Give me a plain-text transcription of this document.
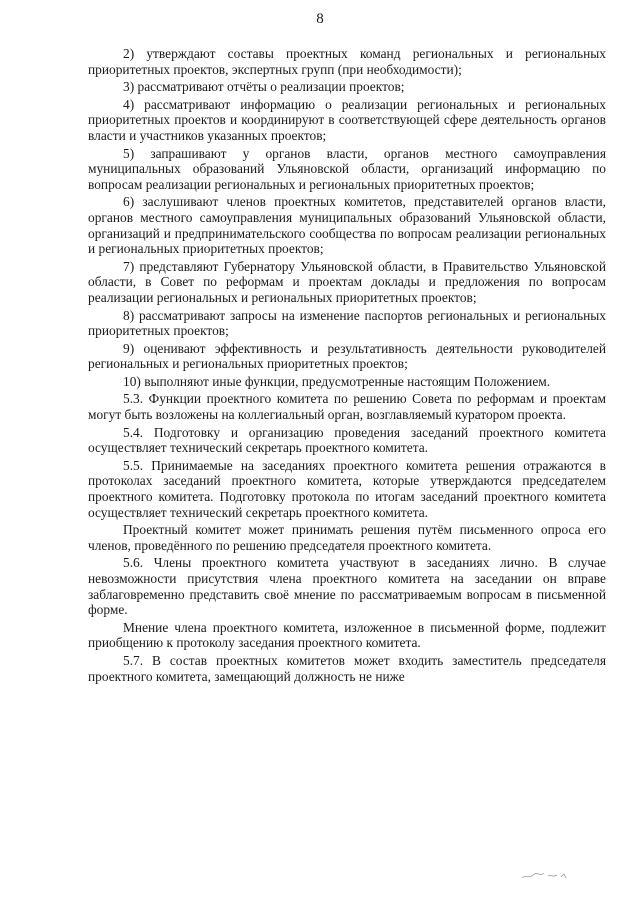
8

2) утверждают составы проектных команд региональных и региональных приоритетных проектов, экспертных групп (при необходимости);

3) рассматривают отчёты о реализации проектов;

4) рассматривают информацию о реализации региональных и региональных приоритетных проектов и координируют в соответствующей сфере деятельность органов власти и участников указанных проектов;

5) запрашивают у органов власти, органов местного самоуправления муниципальных образований Ульяновской области, организаций информацию по вопросам реализации региональных и региональных приоритетных проектов;

6) заслушивают членов проектных комитетов, представителей органов власти, органов местного самоуправления муниципальных образований Ульяновской области, организаций и предпринимательского сообщества по вопросам реализации региональных и региональных приоритетных проектов;

7) представляют Губернатору Ульяновской области, в Правительство Ульяновской области, в Совет по реформам и проектам доклады и предложения по вопросам реализации региональных и региональных приоритетных проектов;

8) рассматривают запросы на изменение паспортов региональных и региональных приоритетных проектов;

9) оценивают эффективность и результативность деятельности руководителей региональных и региональных приоритетных проектов;

10) выполняют иные функции, предусмотренные настоящим Положением.

5.3. Функции проектного комитета по решению Совета по реформам и проектам могут быть возложены на коллегиальный орган, возглавляемый куратором проекта.

5.4. Подготовку и организацию проведения заседаний проектного комитета осуществляет технический секретарь проектного комитета.

5.5. Принимаемые на заседаниях проектного комитета решения отражаются в протоколах заседаний проектного комитета, которые утверждаются председателем проектного комитета. Подготовку протокола по итогам заседаний проектного комитета осуществляет технический секретарь проектного комитета.

Проектный комитет может принимать решения путём письменного опроса его членов, проведённого по решению председателя проектного комитета.

5.6. Члены проектного комитета участвуют в заседаниях лично. В случае невозможности присутствия члена проектного комитета на заседании он вправе заблаговременно представить своё мнение по рассматриваемым вопросам в письменной форме.

Мнение члена проектного комитета, изложенное в письменной форме, подлежит приобщению к протоколу заседания проектного комитета.

5.7. В состав проектных комитетов может входить заместитель председателя проектного комитета, замещающий должность не ниже
